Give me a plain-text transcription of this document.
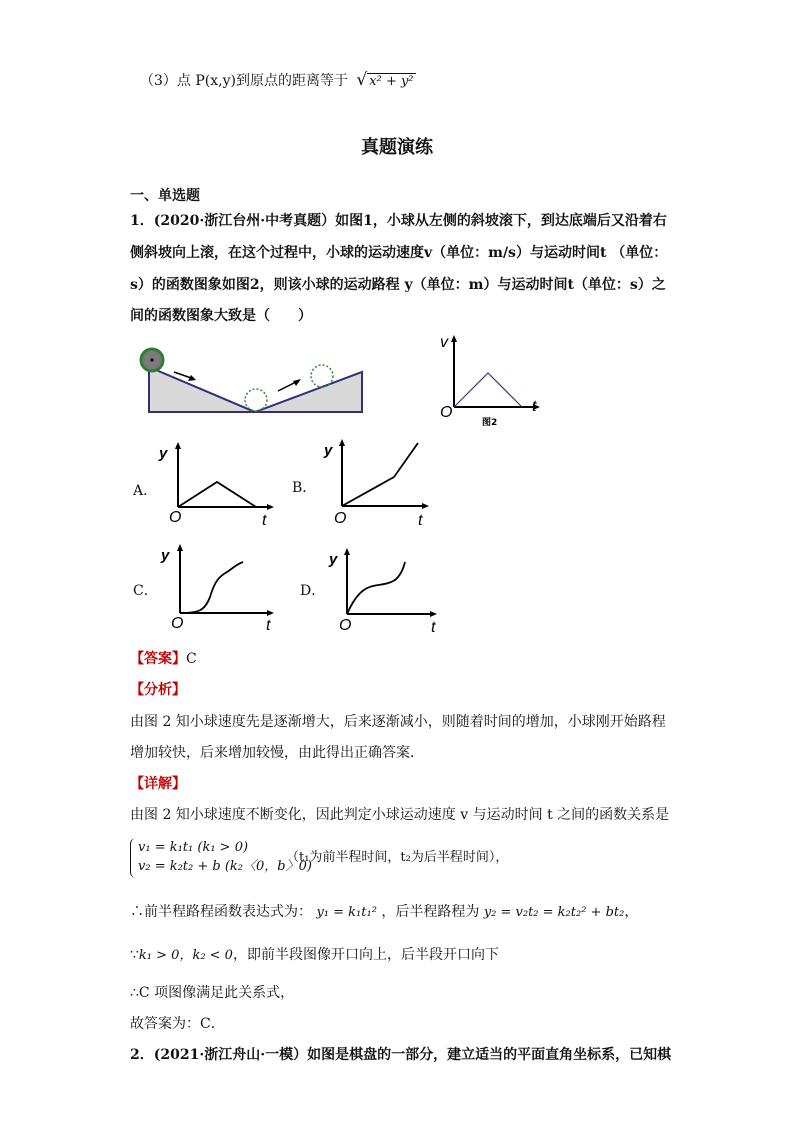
（3）点 P(x,y)到原点的距离等于 √ x² + y²
真题演练
一、单选题
1．(2020·浙江台州·中考真题）如图1，小球从左侧的斜坡滚下，到达底端后又沿着右
侧斜坡向上滚，在这个过程中，小球的运动速度v（单位：m/s）与运动时间t （单位：
s）的函数图象如图2，则该小球的运动路程 y（单位：m）与运动时间t（单位：s）之
间的函数图象大致是（　　）
v
t
O
图2
A．
y
t
O
B．
y
t
O
C．
y
t
O
D．
y
t
O
【答案】C
【分析】
由图 2 知小球速度先是逐渐增大，后来逐渐减小，则随着时间的增加，小球刚开始路程
增加较快，后来增加较慢，由此得出正确答案．
【详解】
由图 2 知小球速度不断变化，因此判定小球运动速度 v 与运动时间 t 之间的函数关系是
v₁ = k₁t₁ (k₁ > 0)
v₂ = k₂t₂ + b (k₂〈0，b〉0)
（t₁为前半程时间，t₂为后半程时间），
∴前半程路程函数表达式为： y₁ = k₁t₁² ，后半程路程为 y₂ = v₂t₂ = k₂t₂² + bt₂，
∵k₁ > 0，k₂ < 0，即前半段图像开口向上，后半段开口向下
∴C 项图像满足此关系式，
故答案为：C．
2．(2021·浙江舟山·一模）如图是棋盘的一部分，建立适当的平面直角坐标系，已知棋
